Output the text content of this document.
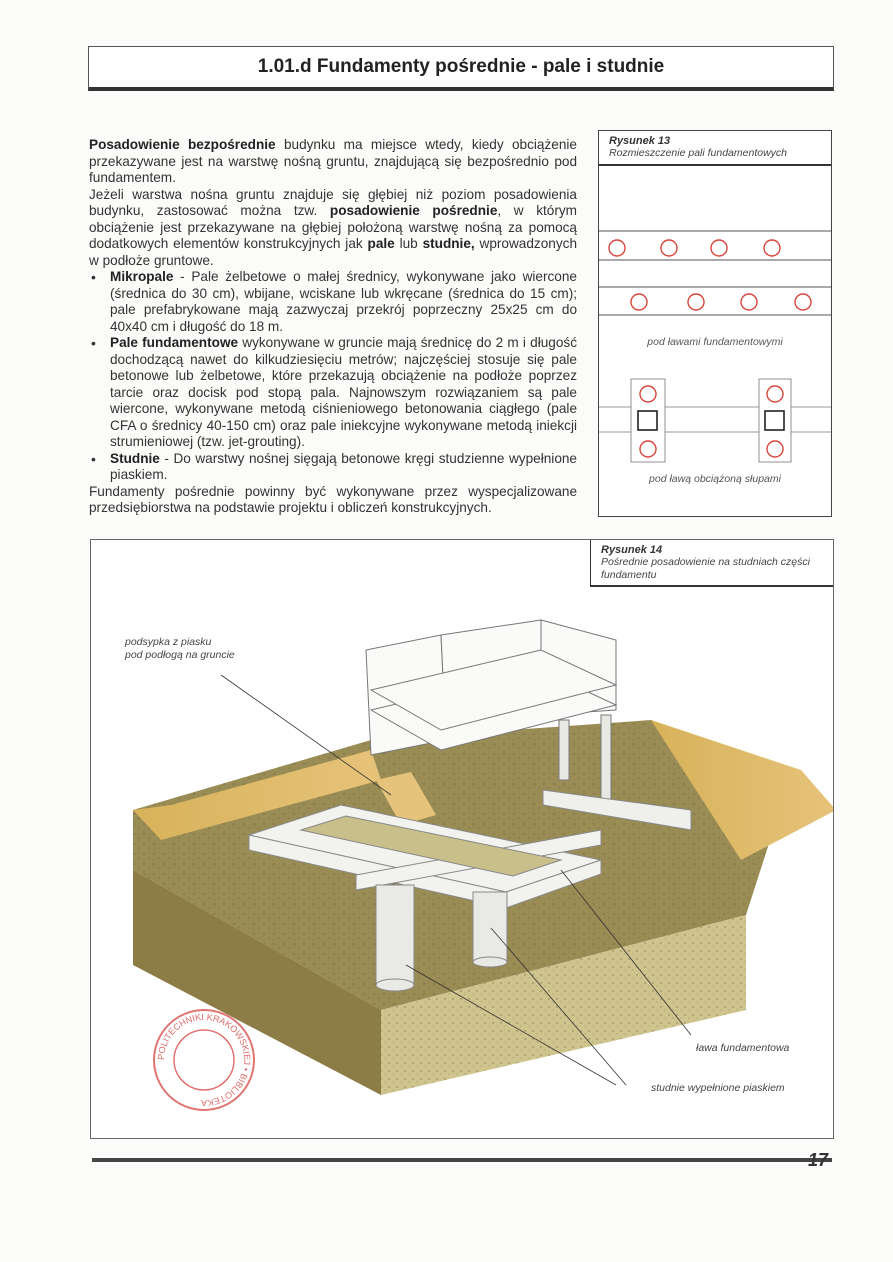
1.01.d Fundamenty pośrednie - pale i studnie

Posadowienie bezpośrednie budynku ma miejsce wtedy, kiedy obciążenie przekazywane jest na warstwę nośną gruntu, znajdującą się bezpośrednio pod fundamentem.

Jeżeli warstwa nośna gruntu znajduje się głębiej niż poziom posadowienia budynku, zastosować można tzw. posadowienie pośrednie, w którym obciążenie jest przekazywane na głębiej położoną warstwę nośną za pomocą dodatkowych elementów konstrukcyjnych jak pale lub studnie, wprowadzonych w podłoże gruntowe.

• Mikropale - Pale żelbetowe o małej średnicy, wykonywane jako wiercone (średnica do 30 cm), wbijane, wciskane lub wkręcane (średnica do 15 cm); pale prefabrykowane mają zazwyczaj przekrój poprzeczny 25x25 cm do 40x40 cm i długość do 18 m.
• Pale fundamentowe wykonywane w gruncie mają średnicę do 2 m i długość dochodzącą nawet do kilkudziesięciu metrów; najczęściej stosuje się pale betonowe lub żelbetowe, które przekazują obciążenie na podłoże poprzez tarcie oraz docisk pod stopą pala. Najnowszym rozwiązaniem są pale wiercone, wykonywane metodą ciśnieniowego betonowania ciągłego (pale CFA o średnicy 40-150 cm) oraz pale iniekcyjne wykonywane metodą iniekcji strumieniowej (tzw. jet-grouting).
• Studnie - Do warstwy nośnej sięgają betonowe kręgi studzienne wypełnione piaskiem.

Fundamenty pośrednie powinny być wykonywane przez wyspecjalizowane przedsiębiorstwa na podstawie projektu i obliczeń konstrukcyjnych.

Rysunek 13
Rozmieszczenie pali fundamentowych
pod ławami fundamentowymi
pod ławą obciążoną słupami
Rysunek 14
Pośrednie posadowienie na studniach części fundamentu
podsypka z piasku
pod podłogą na gruncie
ława fundamentowa
studnie wypełnione piaskiem
POLITECHNIKI KRAKOWSKIEJ • BIBLIOTEKA
17
